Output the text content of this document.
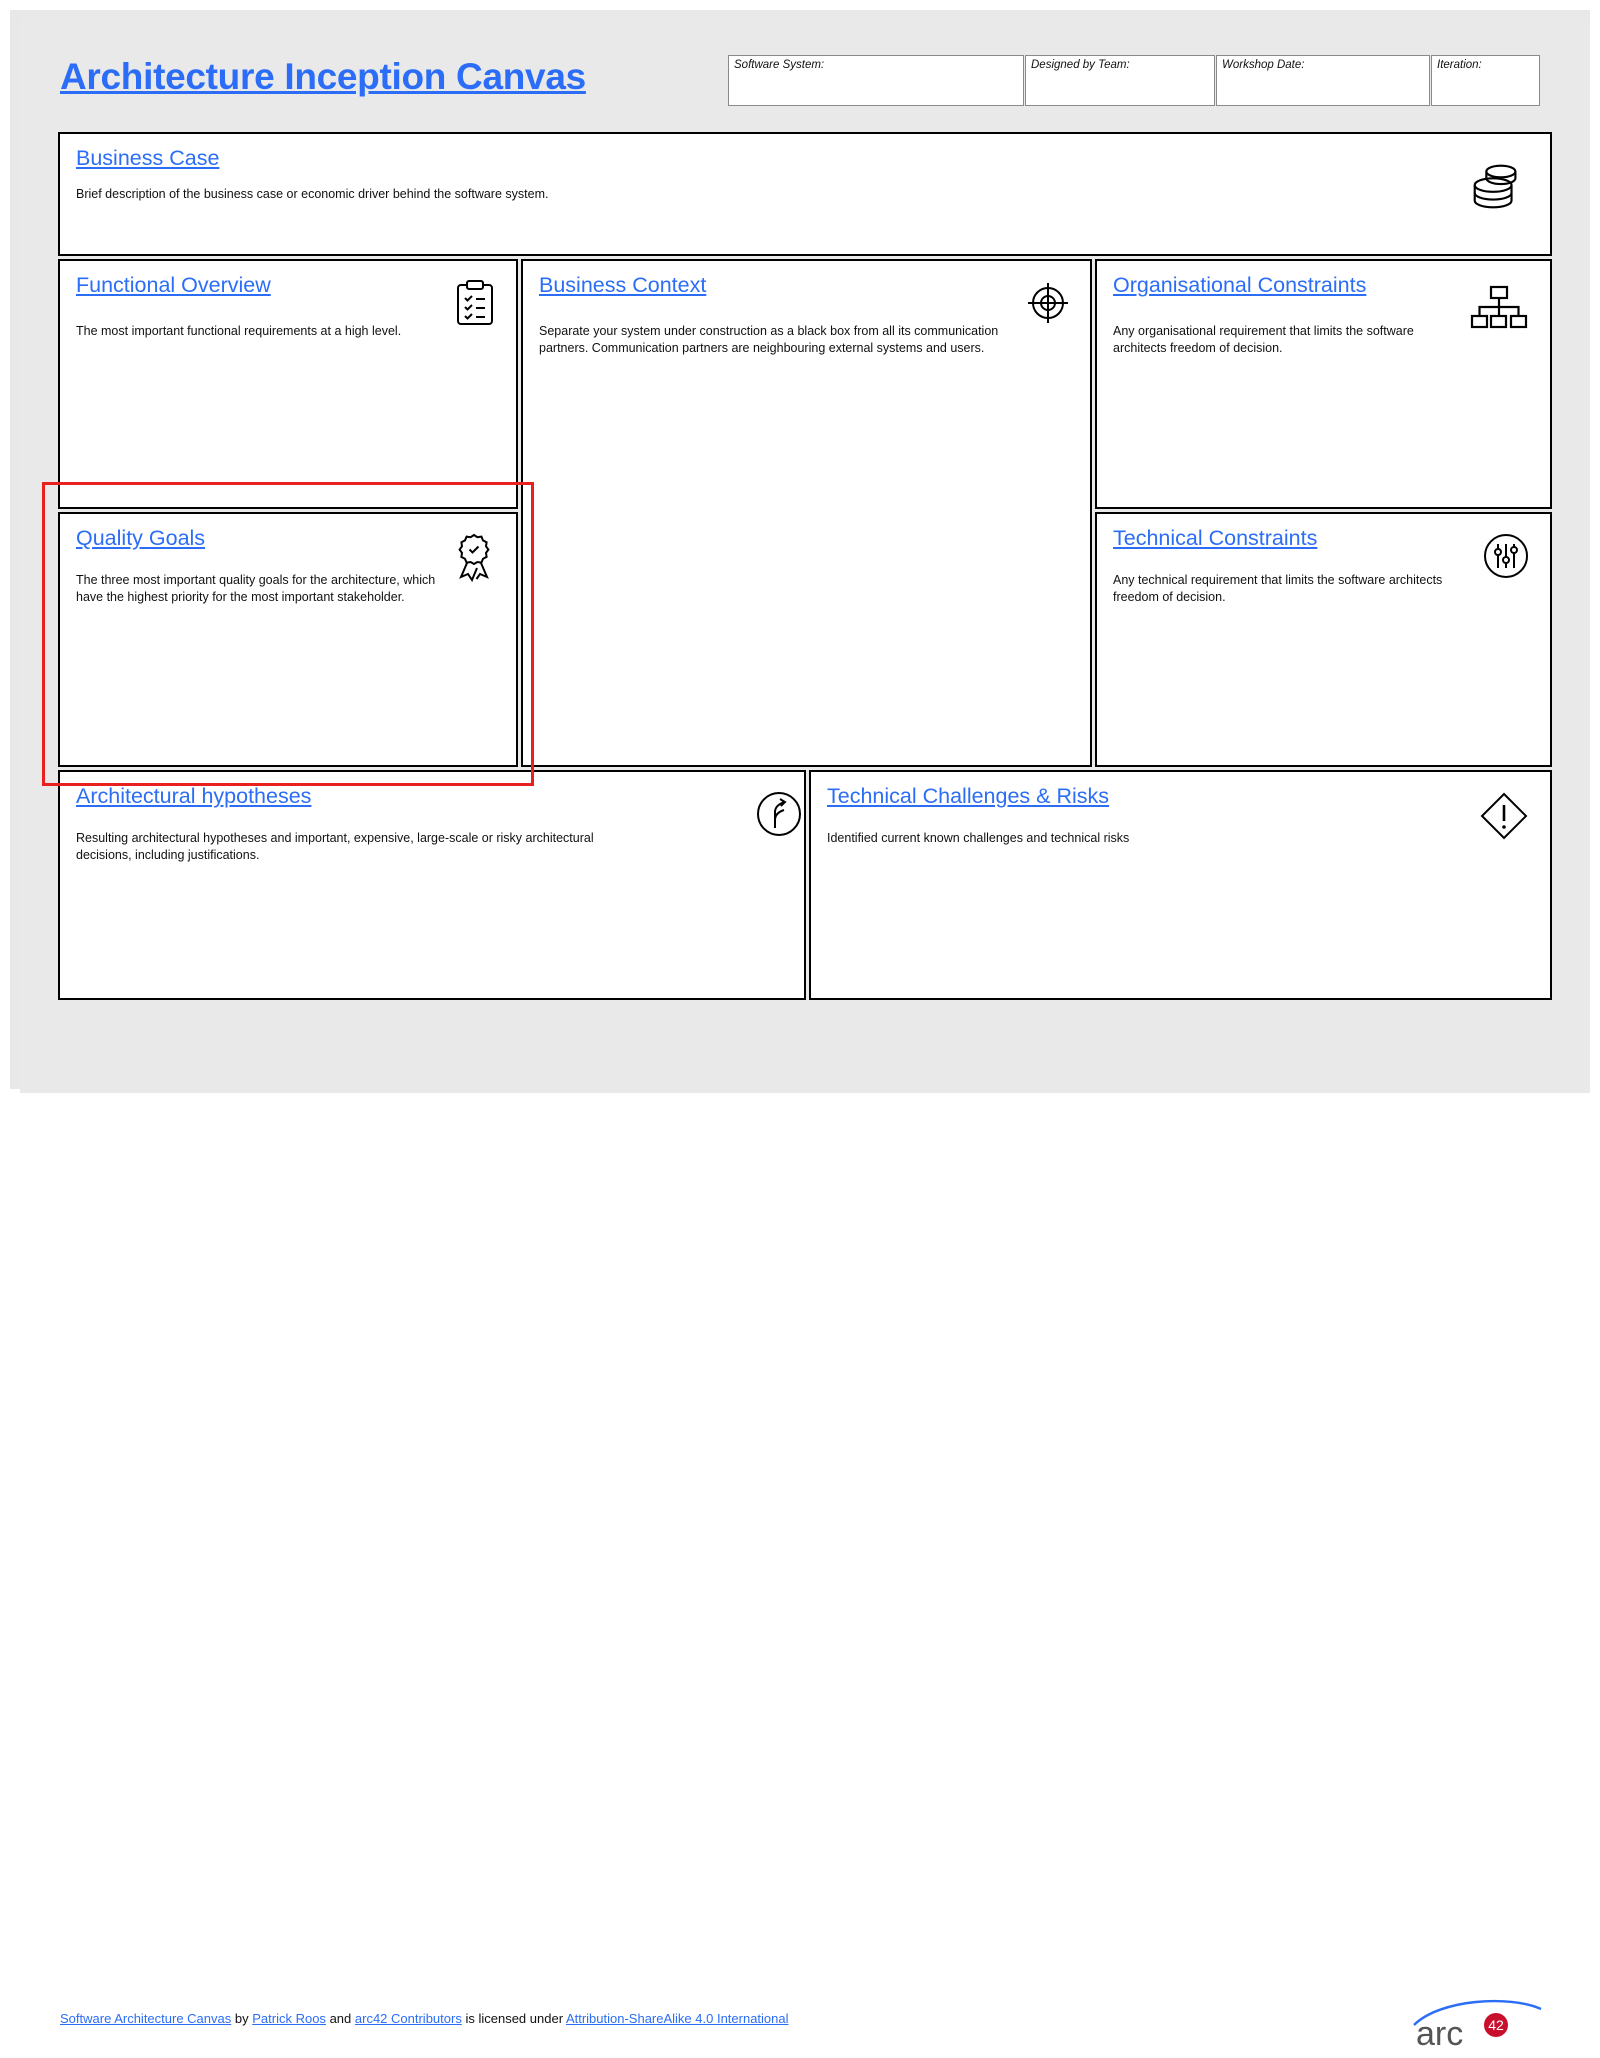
Architecture Inception Canvas	Software System:	Designed by Team:	Workshop Date:	Iteration:
Business Case
Brief description of the business case or economic driver behind the software system.
Functional Overview
The most important functional requirements at a high level.
Business Context
Separate your system under construction as a black box from all its communication partners. Communication partners are neighbouring external systems and users.
Organisational Constraints
Any organisational requirement that limits the software architects freedom of decision.
Quality Goals
The three most important quality goals for the architecture, which have the highest priority for the most important stakeholder.
Technical Constraints
Any technical requirement that limits the software architects freedom of decision.
Architectural hypotheses
Resulting architectural hypotheses and important, expensive, large-scale or risky architectural decisions, including justifications.
Technical Challenges & Risks
Identified current known challenges and technical risks
Software Architecture Canvas by Patrick Roos and arc42 Contributors is licensed under Attribution-ShareAlike 4.0 International	arc 42
